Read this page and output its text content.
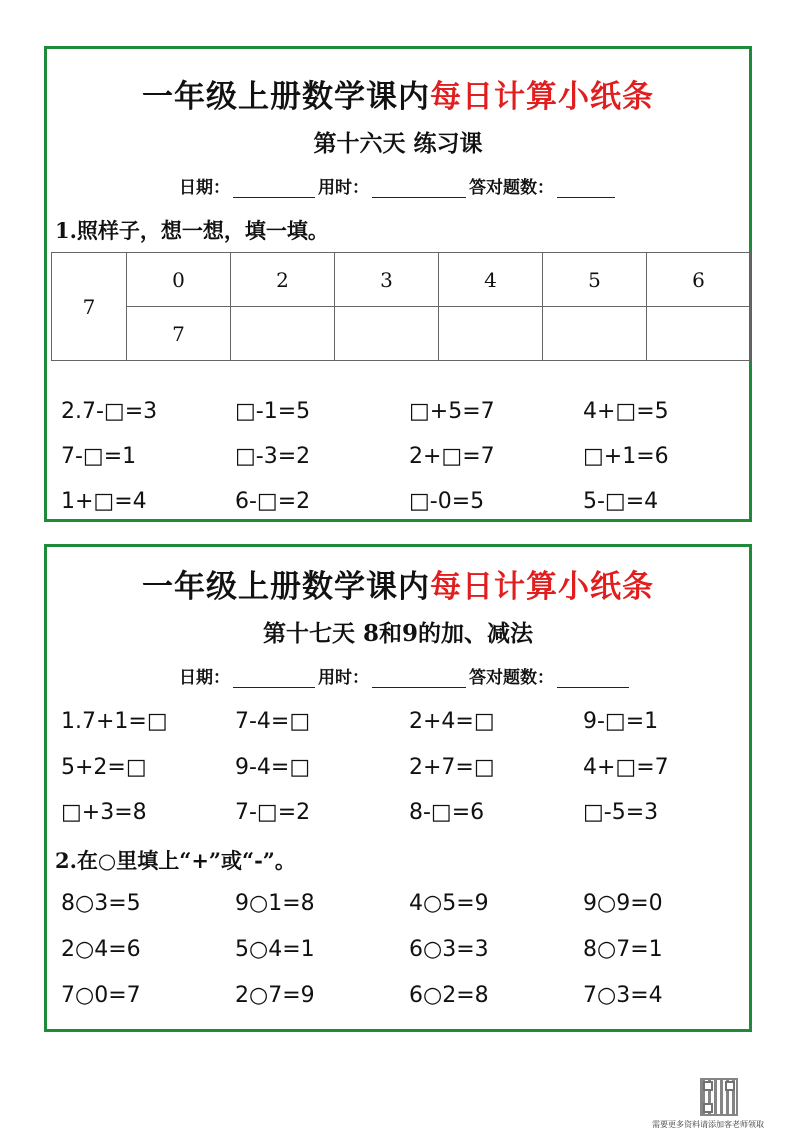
一年级上册数学课内每日计算小纸条
第十六天 练习课
日期：	用时：	答对题数：
1.照样子，想一想，填一填。
7	0	2	3	4	5	6
	7					
2.7-□=3	□-1=5	□+5=7	4+□=5
7-□=1	□-3=2	2+□=7	□+1=6
1+□=4	6-□=2	□-0=5	5-□=4
一年级上册数学课内每日计算小纸条
第十七天 8和9的加、减法
日期：	用时：	答对题数：
1.7+1=□	7-4=□	2+4=□	9-□=1
5+2=□	9-4=□	2+7=□	4+□=7
□+3=8	7-□=2	8-□=6	□-5=3
2.在○里填上“+”或“-”。
8○3=5	9○1=8	4○5=9	9○9=0
2○4=6	5○4=1	6○3=3	8○7=1
7○0=7	2○7=9	6○2=8	7○3=4
需要更多资料请添加客老师领取
